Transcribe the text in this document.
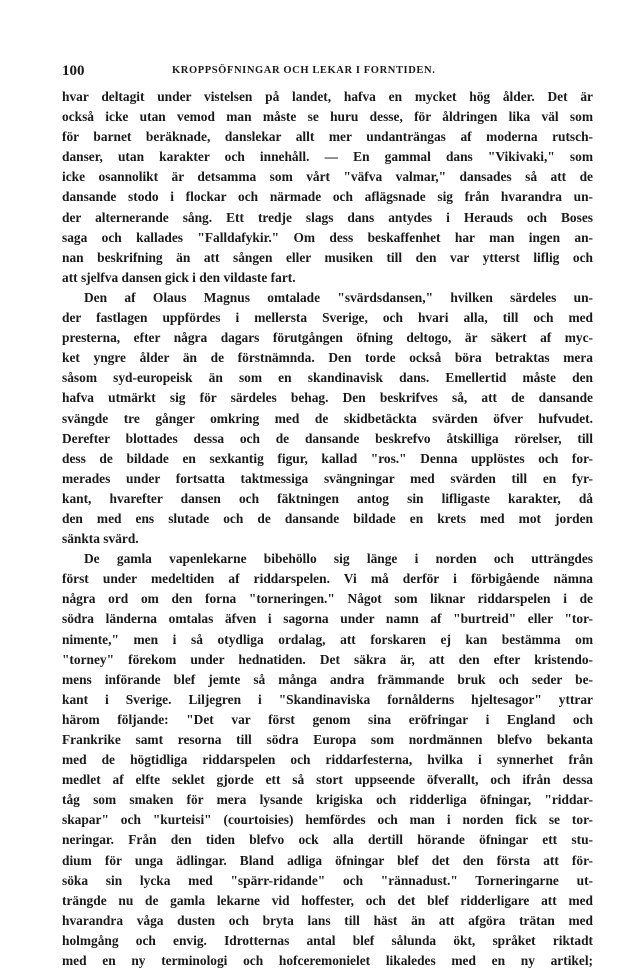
100	KROPPSÖFNINGAR OCH LEKAR I FORNTIDEN.
hvar deltagit under vistelsen på landet, hafva en mycket hög ålder. Det är
också icke utan vemod man måste se huru desse, för åldringen lika väl som
för barnet beräknade, danslekar allt mer undanträngas af moderna rutsch-
danser, utan karakter och innehåll. — En gammal dans "Vikivaki," som
icke osannolikt är detsamma som vårt "väfva valmar," dansades så att de
dansande stodo i flockar och närmade och aflägsnade sig från hvarandra un-
der alternerande sång. Ett tredje slags dans antydes i Herauds och Boses
saga och kallades "Falldafykir." Om dess beskaffenhet har man ingen an-
nan beskrifning än att sången eller musiken till den var ytterst liflig och
att sjelfva dansen gick i den vildaste fart.
Den af Olaus Magnus omtalade "svärdsdansen," hvilken särdeles un-
der fastlagen uppfördes i mellersta Sverige, och hvari alla, till och med
presterna, efter några dagars förutgången öfning deltogo, är säkert af myc-
ket yngre ålder än de förstnämnda. Den torde också böra betraktas mera
såsom syd-europeisk än som en skandinavisk dans. Emellertid måste den
hafva utmärkt sig för särdeles behag. Den beskrifves så, att de dansande
svängde tre gånger omkring med de skidbetäckta svärden öfver hufvudet.
Derefter blottades dessa och de dansande beskrefvo åtskilliga rörelser, till
dess de bildade en sexkantig figur, kallad "ros." Denna upplöstes och for-
merades under fortsatta taktmessiga svängningar med svärden till en fyr-
kant, hvarefter dansen och fäktningen antog sin lifligaste karakter, då
den med ens slutade och de dansande bildade en krets med mot jorden
sänkta svärd.
De gamla vapenlekarne bibehöllo sig länge i norden och utträngdes
först under medeltiden af riddarspelen. Vi må derför i förbigående nämna
några ord om den forna "torneringen." Något som liknar riddarspelen i de
södra länderna omtalas äfven i sagorna under namn af "burtreid" eller "tor-
nimente," men i så otydliga ordalag, att forskaren ej kan bestämma om
"torney" förekom under hednatiden. Det säkra är, att den efter kristendo-
mens införande blef jemte så många andra främmande bruk och seder be-
kant i Sverige. Liljegren i "Skandinaviska fornålderns hjeltesagor" yttrar
härom följande: "Det var först genom sina eröfringar i England och
Frankrike samt resorna till södra Europa som nordmännen blefvo bekanta
med de högtidliga riddarspelen och riddarfesterna, hvilka i synnerhet från
medlet af elfte seklet gjorde ett så stort uppseende öfverallt, och ifrån dessa
tåg som smaken för mera lysande krigiska och ridderliga öfningar, "riddar-
skapar" och "kurteisi" (courtoisies) hemfördes och man i norden fick se tor-
neringar. Från den tiden blefvo ock alla dertill hörande öfningar ett stu-
dium för unga ädlingar. Bland adliga öfningar blef det den första att för-
söka sin lycka med "spärr-ridande" och "rännadust." Torneringarne ut-
trängde nu de gamla lekarne vid hoffester, och det blef ridderligare att med
hvarandra våga dusten och bryta lans till häst än att afgöra trätan med
holmgång och envig. Idrotternas antal blef sålunda ökt, språket riktadt
med en ny terminologi och hofceremonielet likaledes med en ny artikel;
